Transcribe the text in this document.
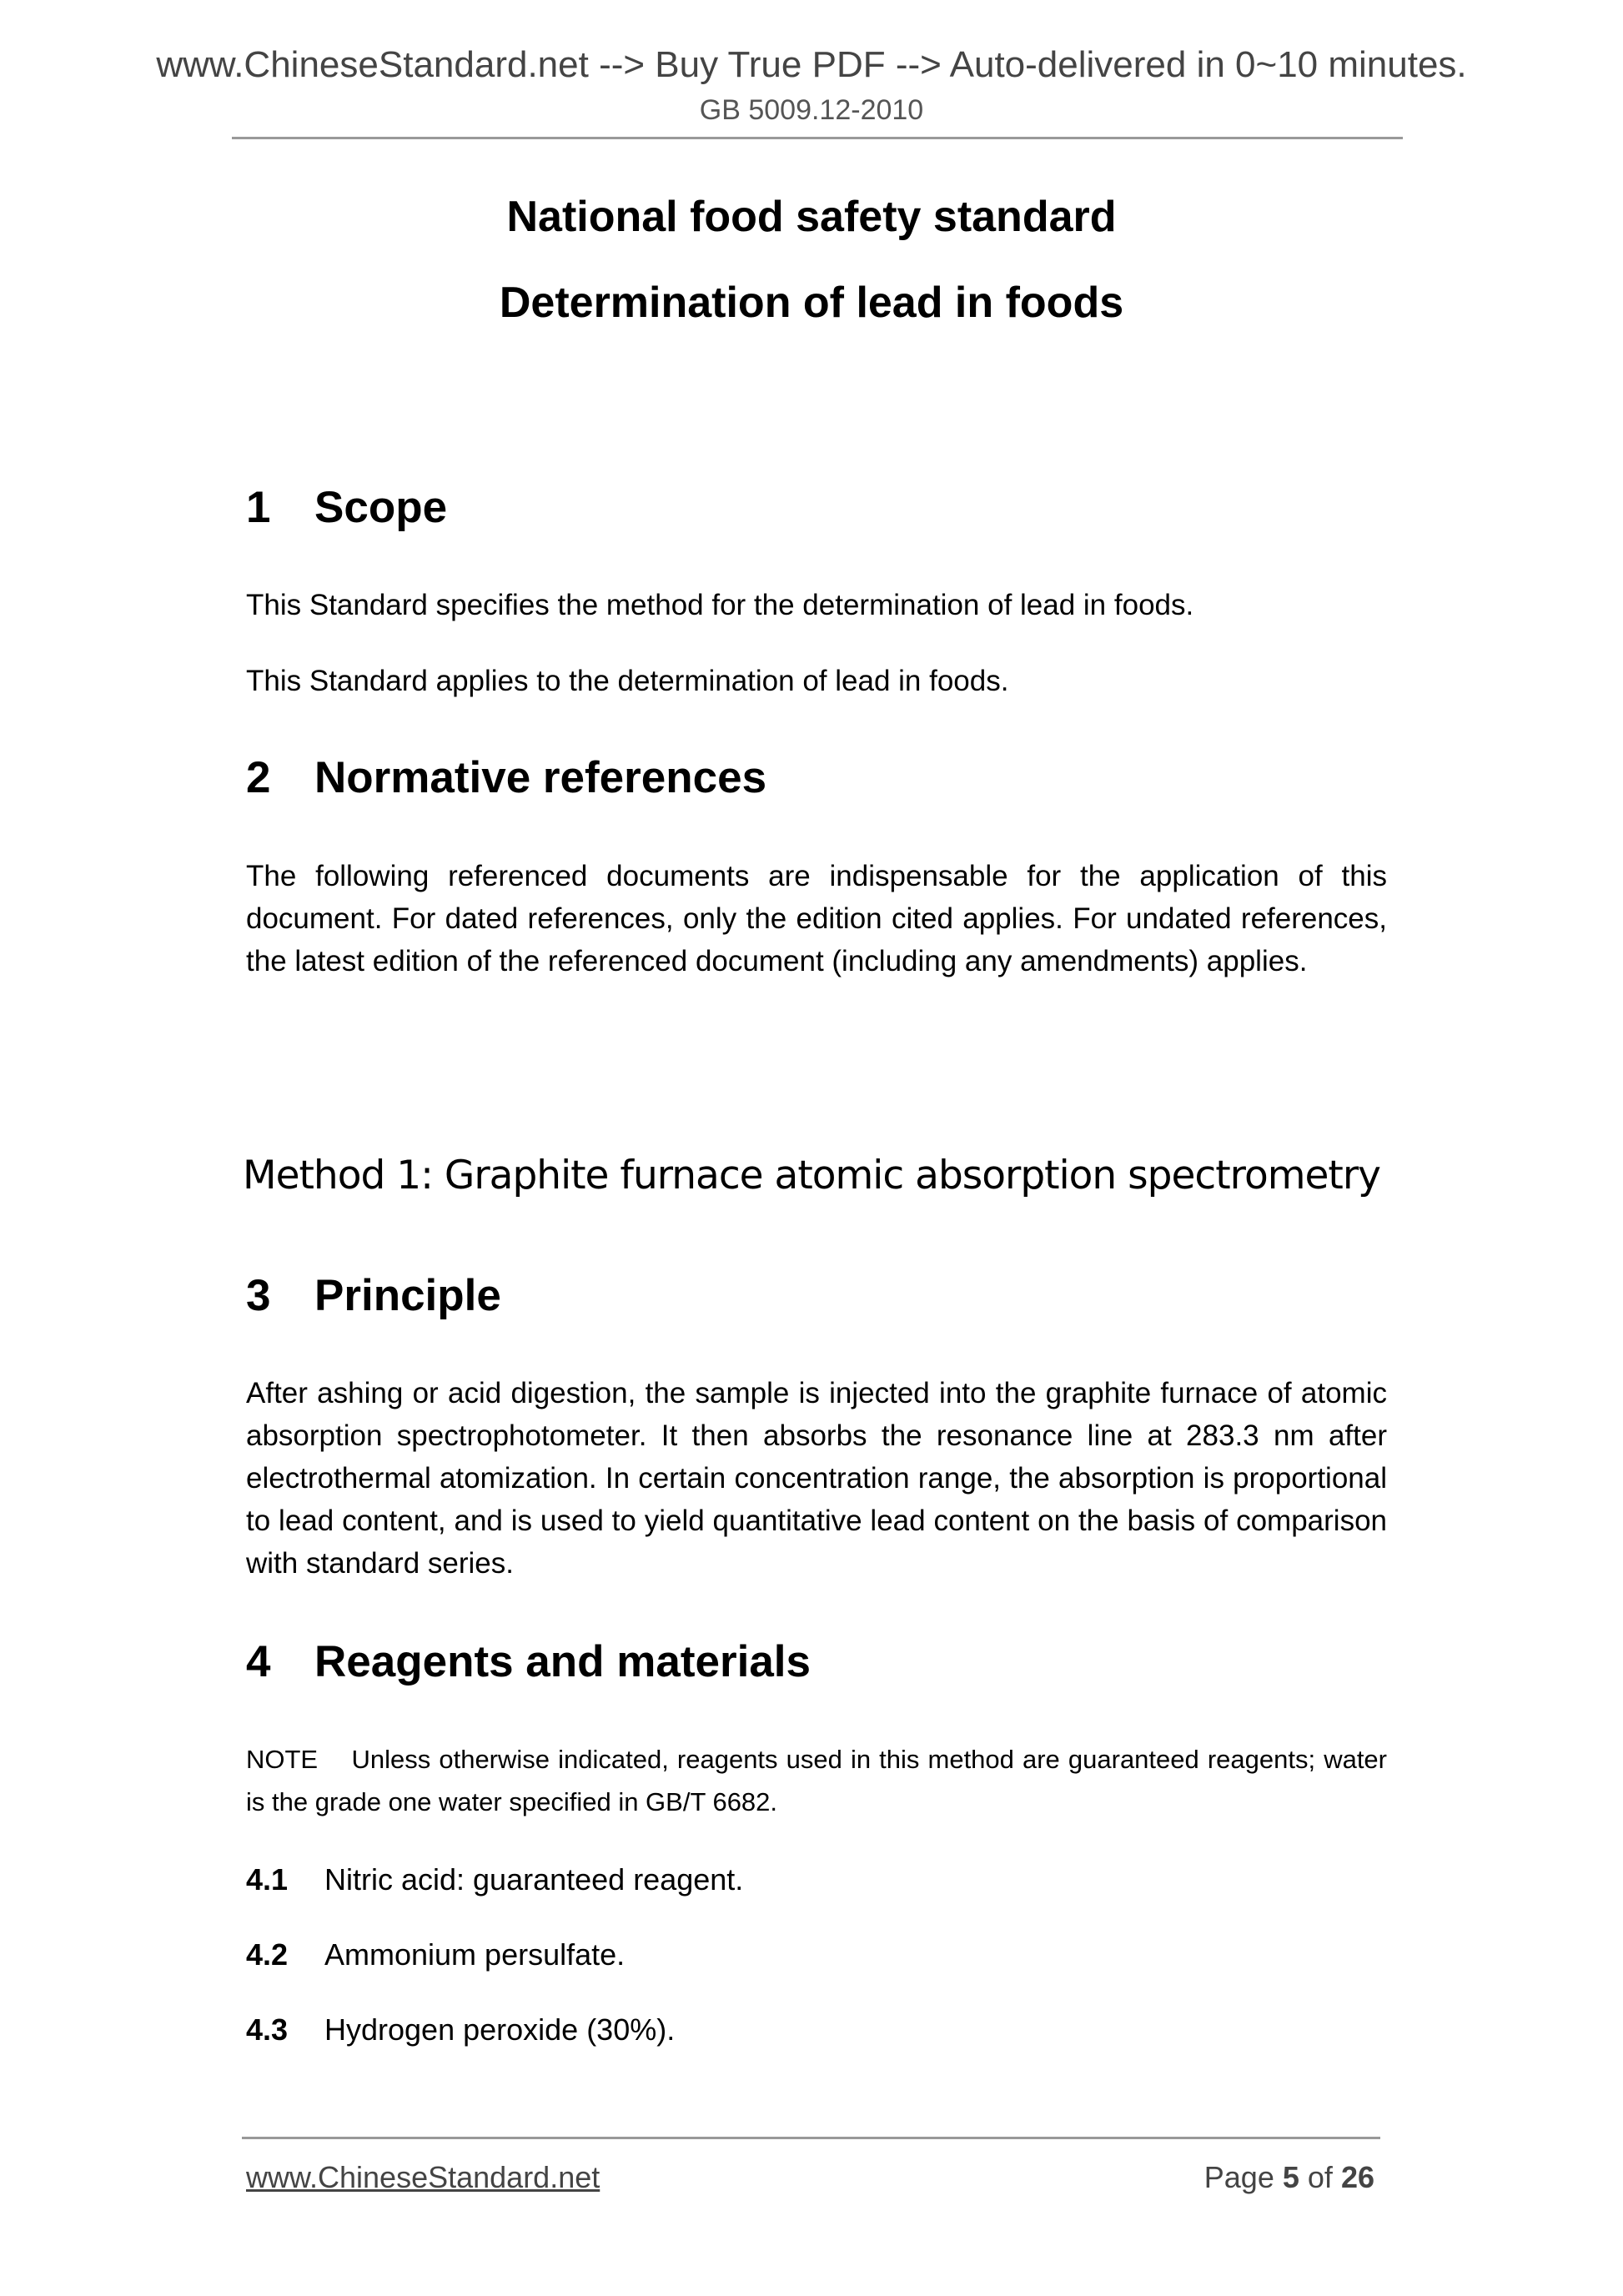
www.ChineseStandard.net --> Buy True PDF --> Auto-delivered in 0~10 minutes.
GB 5009.12-2010
National food safety standard
Determination of lead in foods
1 Scope
This Standard specifies the method for the determination of lead in foods.
This Standard applies to the determination of lead in foods.
2 Normative references
The following referenced documents are indispensable for the application of this document. For dated references, only the edition cited applies. For undated references, the latest edition of the referenced document (including any amendments) applies.
Method 1: Graphite furnace atomic absorption spectrometry
3 Principle
After ashing or acid digestion, the sample is injected into the graphite furnace of atomic absorption spectrophotometer. It then absorbs the resonance line at 283.3 nm after electrothermal atomization. In certain concentration range, the absorption is proportional to lead content, and is used to yield quantitative lead content on the basis of comparison with standard series.
4 Reagents and materials
NOTE Unless otherwise indicated, reagents used in this method are guaranteed reagents; water is the grade one water specified in GB/T 6682.
4.1 Nitric acid: guaranteed reagent.
4.2 Ammonium persulfate.
4.3 Hydrogen peroxide (30%).
www.ChineseStandard.net	Page 5 of 26
